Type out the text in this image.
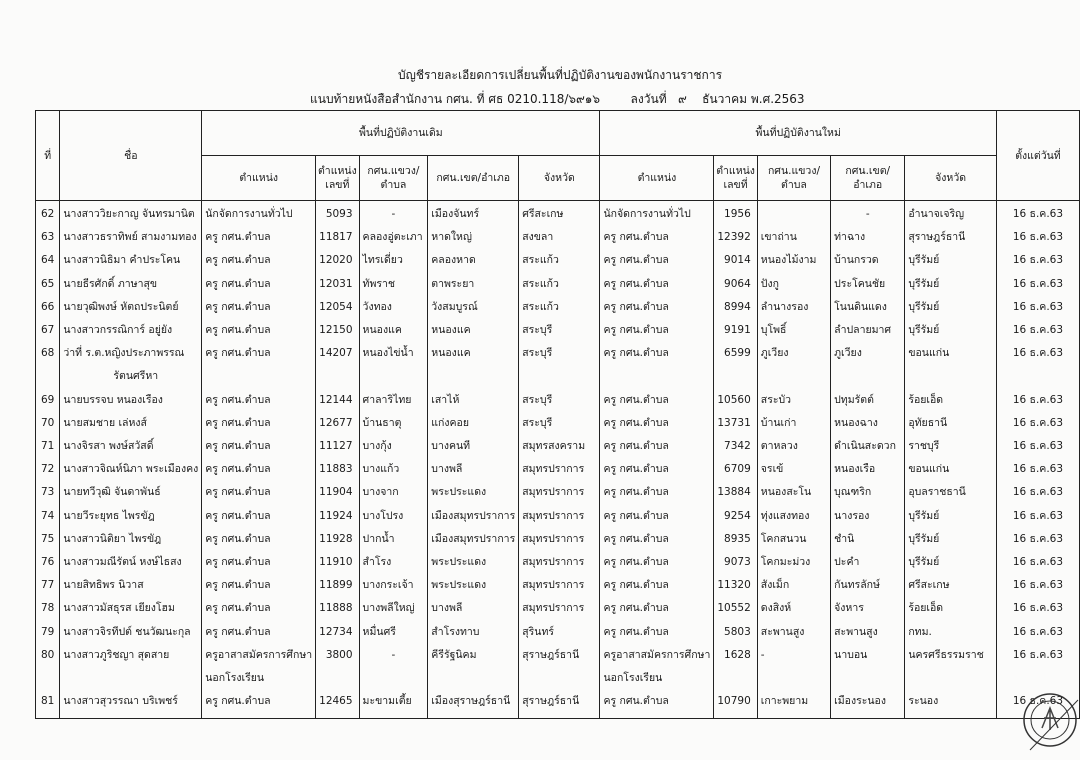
บัญชีรายละเอียดการเปลี่ยนพื้นที่ปฏิบัติงานของพนักงานราชการ
แนบท้ายหนังสือสำนักงาน กศน. ที่ ศธ 0210.118/๖๙๑๖        ลงวันที่   ๙    ธันวาคม พ.ศ.2563
ที่	ชื่อ	พื้นที่ปฏิบัติงานเดิม					พื้นที่ปฏิบัติงานใหม่					ตั้งแต่วันที่
		ตำแหน่ง	ตำแหน่ง เลขที่	กศน.แขวง/ ตำบล	กศน.เขต/อำเภอ	จังหวัด	ตำแหน่ง	ตำแหน่ง เลขที่	กศน.แขวง/ ตำบล	กศน.เขต/อำเภอ	จังหวัด	
62	นางสาววิยะกาญ จันทรมานิต	นักจัดการงานทั่วไป	5093	-	เมืองจันทร์	ศรีสะเกษ	นักจัดการงานทั่วไป	1956		-	อำนาจเจริญ	16 ธ.ค.63
63	นางสาวธราทิพย์ สามงามทอง	ครู กศน.ตำบล	11817	คลองอู่ตะเภา	หาดใหญ่	สงขลา	ครู กศน.ตำบล	12392	เขาถ่าน	ท่าฉาง	สุราษฎร์ธานี	16 ธ.ค.63
64	นางสาวนิธิมา คำประโคน	ครู กศน.ตำบล	12020	ไทรเดี่ยว	คลองหาด	สระแก้ว	ครู กศน.ตำบล	9014	หนองไม้งาม	บ้านกรวด	บุรีรัมย์	16 ธ.ค.63
65	นายธีรศักดิ์ ภาษาสุข	ครู กศน.ตำบล	12031	ทัพราช	ตาพระยา	สระแก้ว	ครู กศน.ตำบล	9064	ปังกู	ประโคนชัย	บุรีรัมย์	16 ธ.ค.63
66	นายวุฒิพงษ์ หัตถประนิตย์	ครู กศน.ตำบล	12054	วังทอง	วังสมบูรณ์	สระแก้ว	ครู กศน.ตำบล	8994	ลำนางรอง	โนนดินแดง	บุรีรัมย์	16 ธ.ค.63
67	นางสาวกรรณิการ์ อยู่ยัง	ครู กศน.ตำบล	12150	หนองแค	หนองแค	สระบุรี	ครู กศน.ตำบล	9191	บุโพธิ์	ลำปลายมาศ	บุรีรัมย์	16 ธ.ค.63
68	ว่าที่ ร.ต.หญิงประภาพรรณ
รัตนศรีหา	ครู กศน.ตำบล	14207	หนองไข่น้ำ	หนองแค	สระบุรี	ครู กศน.ตำบล	6599	ภูเวียง	ภูเวียง	ขอนแก่น	16 ธ.ค.63
69	นายบรรจบ หนองเรือง	ครู กศน.ตำบล	12144	ศาลาริไทย	เสาไห้	สระบุรี	ครู กศน.ตำบล	10560	สระบัว	ปทุมรัตต์	ร้อยเอ็ด	16 ธ.ค.63
70	นายสมชาย เล่หงส์	ครู กศน.ตำบล	12677	บ้านธาตุ	แก่งคอย	สระบุรี	ครู กศน.ตำบล	13731	บ้านเก่า	หนองฉาง	อุทัยธานี	16 ธ.ค.63
71	นางจิรสา พงษ์สวัสดิ์	ครู กศน.ตำบล	11127	บางกุ้ง	บางคนที	สมุทรสงคราม	ครู กศน.ตำบล	7342	ตาหลวง	ดำเนินสะดวก	ราชบุรี	16 ธ.ค.63
72	นางสาวจิณห์นิภา พระเมืองคง	ครู กศน.ตำบล	11883	บางแก้ว	บางพลี	สมุทรปราการ	ครู กศน.ตำบล	6709	จรเข้	หนองเรือ	ขอนแก่น	16 ธ.ค.63
73	นายทวีวุฒิ จันดาพันธ์	ครู กศน.ตำบล	11904	บางจาก	พระประแดง	สมุทรปราการ	ครู กศน.ตำบล	13884	หนองสะโน	บุณฑริก	อุบลราชธานี	16 ธ.ค.63
74	นายวีระยุทธ ไพรขัฎ	ครู กศน.ตำบล	11924	บางโปรง	เมืองสมุทรปราการ	สมุทรปราการ	ครู กศน.ตำบล	9254	ทุ่งแสงทอง	นางรอง	บุรีรัมย์	16 ธ.ค.63
75	นางสาวนิติยา ไพรขัฎ	ครู กศน.ตำบล	11928	ปากน้ำ	เมืองสมุทรปราการ	สมุทรปราการ	ครู กศน.ตำบล	8935	โคกสนวน	ชำนิ	บุรีรัมย์	16 ธ.ค.63
76	นางสาวมณีรัตน์ หงษ์ไธสง	ครู กศน.ตำบล	11910	สำโรง	พระประแดง	สมุทรปราการ	ครู กศน.ตำบล	9073	โคกมะม่วง	ปะคำ	บุรีรัมย์	16 ธ.ค.63
77	นายสิทธิพร นิวาส	ครู กศน.ตำบล	11899	บางกระเจ้า	พระประแดง	สมุทรปราการ	ครู กศน.ตำบล	11320	สังเม็ก	กันทรลักษ์	ศรีสะเกษ	16 ธ.ค.63
78	นางสาวมัสธุรส เยียงโฮม	ครู กศน.ตำบล	11888	บางพลีใหญ่	บางพลี	สมุทรปราการ	ครู กศน.ตำบล	10552	ดงสิงห์	จังหาร	ร้อยเอ็ด	16 ธ.ค.63
79	นางสาวจิรทีปต์ ชนวัฒนะกุล	ครู กศน.ตำบล	12734	หมื่นศรี	สำโรงทาบ	สุรินทร์	ครู กศน.ตำบล	5803	สะพานสูง	สะพานสูง	กทม.	16 ธ.ค.63
80	นางสาวภูริชญา สุดสาย	ครูอาสาสมัครการศึกษา
นอกโรงเรียน	3800	-	คีรีรัฐนิคม	สุราษฎร์ธานี	ครูอาสาสมัครการศึกษา
นอกโรงเรียน	1628	-	นาบอน	นครศรีธรรมราช	16 ธ.ค.63
81	นางสาวสุวรรณา บริเพชร์	ครู กศน.ตำบล	12465	มะขามเตี้ย	เมืองสุราษฎร์ธานี	สุราษฎร์ธานี	ครู กศน.ตำบล	10790	เกาะพยาม	เมืองระนอง	ระนอง	16 ธ.ค.63
